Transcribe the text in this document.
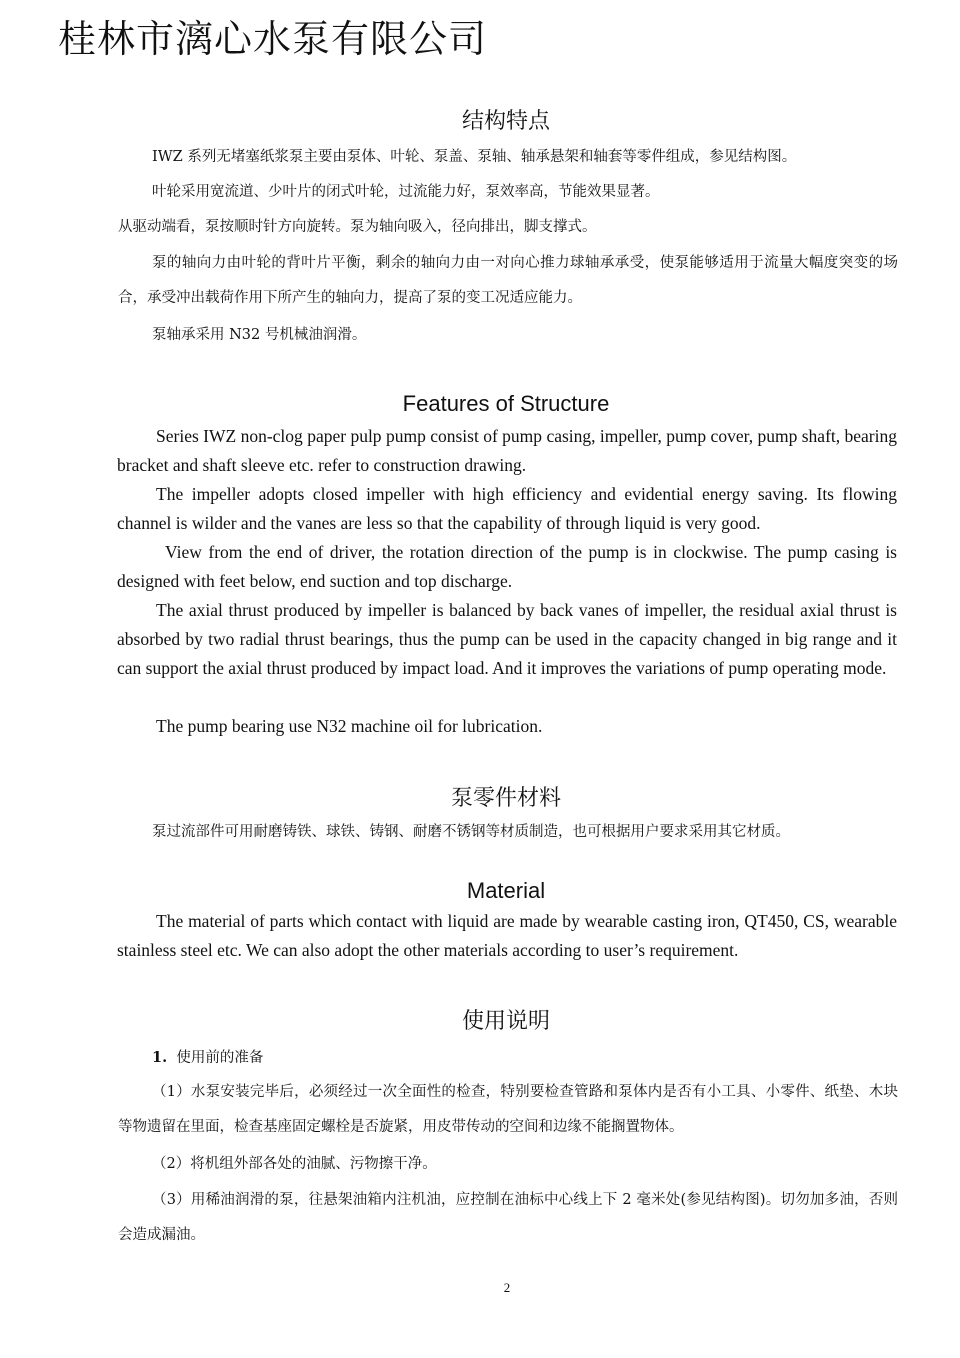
桂林市漓心水泵有限公司
结构特点

IWZ 系列无堵塞纸浆泵主要由泵体、叶轮、泵盖、泵轴、轴承悬架和轴套等零件组成，参见结构图。

叶轮采用宽流道、少叶片的闭式叶轮，过流能力好，泵效率高，节能效果显著。

从驱动端看，泵按顺时针方向旋转。泵为轴向吸入，径向排出，脚支撑式。

泵的轴向力由叶轮的背叶片平衡，剩余的轴向力由一对向心推力球轴承承受，使泵能够适用于流量大幅度突变的场合，承受冲出载荷作用下所产生的轴向力，提高了泵的变工况适应能力。

泵轴承采用 N32 号机械油润滑。

Features of Structure

Series IWZ non-clog paper pulp pump consist of pump casing, impeller, pump cover, pump shaft, bearing bracket and shaft sleeve etc. refer to construction drawing.

The impeller adopts closed impeller with high efficiency and evidential energy saving. Its flowing channel is wilder and the vanes are less so that the capability of through liquid is very good.

View from the end of driver, the rotation direction of the pump is in clockwise. The pump casing is designed with feet below, end suction and top discharge.

The axial thrust produced by impeller is balanced by back vanes of impeller, the residual axial thrust is absorbed by two radial thrust bearings, thus the pump can be used in the capacity changed in big range and it can support the axial thrust produced by impact load. And it improves the variations of pump operating mode.

The pump bearing use N32 machine oil for lubrication.

泵零件材料

泵过流部件可用耐磨铸铁、球铁、铸钢、耐磨不锈钢等材质制造，也可根据用户要求采用其它材质。

Material

The material of parts which contact with liquid are made by wearable casting iron, QT450, CS, wearable stainless steel etc. We can also adopt the other materials according to user’s requirement.

使用说明

1. 使用前的准备

（1）水泵安装完毕后，必须经过一次全面性的检查，特别要检查管路和泵体内是否有小工具、小零件、纸垫、木块等物遗留在里面，检查基座固定螺栓是否旋紧，用皮带传动的空间和边缘不能搁置物体。

（2）将机组外部各处的油腻、污物擦干净。

（3）用稀油润滑的泵，往悬架油箱内注机油，应控制在油标中心线上下 2 毫米处(参见结构图)。切勿加多油，否则会造成漏油。

2
